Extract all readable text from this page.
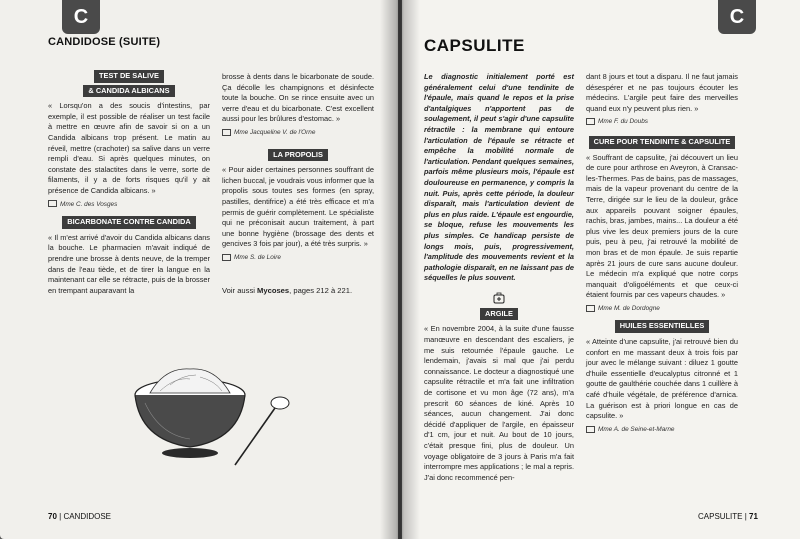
C
CANDIDOSE (SUITE)
TEST DE SALIVE
& CANDIDA ALBICANS

« Lorsqu'on a des soucis d'intestins, par exemple, il est possible de réaliser un test facile à mettre en œuvre afin de savoir si on a un Candida albicans trop présent. Le matin au réveil, mettre (crachoter) sa salive dans un verre rempli d'eau. Si après quelques minutes, on constate des stalactites dans le verre, sorte de filaments, il y a de forts risques qu'il y ait présence de Candida albicans. »

Mme C. des Vosges
BICARBONATE CONTRE CANDIDA

« Il m'est arrivé d'avoir du Candida albicans dans la bouche. Le pharmacien m'avait indiqué de prendre une brosse à dents neuve, de la tremper dans de l'eau tiède, et de tirer la langue en la maintenant car elle se rétracte, puis de la brosser en trempant auparavant la

brosse à dents dans le bicarbonate de soude. Ça décolle les champignons et désinfecte toute la bouche. On se rince ensuite avec un verre d'eau et du bicarbonate. C'est excellent aussi pour les brûlures d'estomac. »

Mme Jacqueline V. de l'Orne
LA PROPOLIS

« Pour aider certaines personnes souffrant de lichen buccal, je voudrais vous informer que la propolis sous toutes ses formes (en spray, pastilles, dentifrice) a été très efficace et m'a permis de guérir complètement. Le spécialiste qui ne préconisait aucun traitement, à part une bonne hygiène (brossage des dents et gencives 3 fois par jour), a été très surpris. »

Mme S. de Loire

Voir aussi Mycoses, pages 212 à 221.

70 | CANDIDOSE
C
CAPSULITE

Le diagnostic initialement porté est généralement celui d'une tendinite de l'épaule, mais quand le repos et la prise d'antalgiques n'apportent pas de soulagement, il peut s'agir d'une capsulite rétractile : la membrane qui entoure l'articulation de l'épaule se rétracte et empêche la mobilité normale de l'articulation. Pendant quelques semaines, parfois même plusieurs mois, l'épaule est douloureuse en permanence, y compris la nuit. Puis, après cette période, la douleur disparaît, mais l'articulation devient de plus en plus raide. L'épaule est engourdie, se bloque, refuse les mouvements les plus simples. Ce handicap persiste de longs mois, puis, progressivement, l'amplitude des mouvements revient et la pathologie disparaît, en ne laissant pas de séquelles le plus souvent.

ARGILE

« En novembre 2004, à la suite d'une fausse manœuvre en descendant des escaliers, je me suis retournée l'épaule gauche. Le lendemain, j'avais si mal que j'ai perdu connaissance. Le docteur a diagnostiqué une capsulite rétractile et m'a fait une infiltration de cortisone et vu mon âge (72 ans), m'a prescrit 60 séances de kiné. Après 10 séances, aucun changement. J'ai donc décidé d'appliquer de l'argile, en épaisseur d'1 cm, jour et nuit. Au bout de 10 jours, c'était presque fini, plus de douleur. Un voyage obligatoire de 3 jours à Paris m'a fait interrompre mes applications ; le mal a repris. J'ai donc recommencé pen-

dant 8 jours et tout a disparu. Il ne faut jamais désespérer et ne pas toujours écouter les médecins. L'argile peut faire des merveilles quand eux n'y peuvent plus rien. »

Mme F. du Doubs
CURE POUR TENDINITE & CAPSULITE

« Souffrant de capsulite, j'ai découvert un lieu de cure pour arthrose en Aveyron, à Cransac-les-Thermes. Pas de bains, pas de massages, mais de la vapeur provenant du centre de la Terre, dirigée sur le lieu de la douleur, grâce aux appareils pouvant soigner épaules, rachis, bras, jambes, mains... La douleur a été plus vive les deux premiers jours de la cure puis, peu à peu, j'ai retrouvé la mobilité de mon bras et de mon épaule. Je suis repartie après 21 jours de cure sans aucune douleur. Le médecin m'a expliqué que notre corps manquait d'oligoéléments et que ceux-ci étaient fournis par ces vapeurs chaudes. »

Mme M. de Dordogne
HUILES ESSENTIELLES

« Atteinte d'une capsulite, j'ai retrouvé bien du confort en me massant deux à trois fois par jour avec le mélange suivant : diluez 1 goutte d'huile essentielle d'eucalyptus citronné et 1 goutte de gaulthérie couchée dans 1 cuillère à café d'huile végétale, de préférence d'arnica. La guérison est à priori longue en cas de capsulite. »

Mme A. de Seine-et-Marne
CAPSULITE | 71
